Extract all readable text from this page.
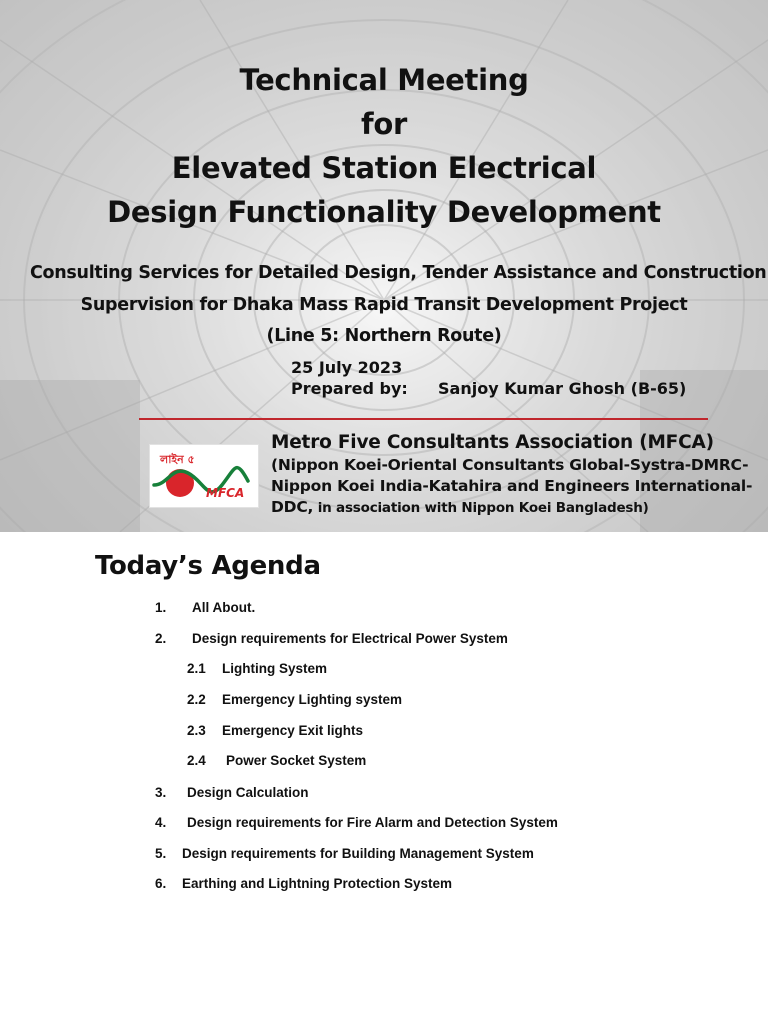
Technical Meeting
for
Elevated Station Electrical
Design Functionality Development
Consulting Services for Detailed Design, Tender Assistance and Construction
Supervision for Dhaka Mass Rapid Transit Development Project
(Line 5: Northern Route)
25 July 2023
Prepared by: Sanjoy Kumar Ghosh (B-65)
লাইন ৫
MFCA
Metro Five Consultants Association (MFCA)
(Nippon Koei-Oriental Consultants Global-Systra-DMRC-
Nippon Koei India-Katahira and Engineers International-
DDC, in association with Nippon Koei Bangladesh)
Today’s Agenda
1. All About.
2. Design requirements for Electrical Power System
2.1 Lighting System
2.2 Emergency Lighting system
2.3 Emergency Exit lights
2.4 Power Socket System
3. Design Calculation
4. Design requirements for Fire Alarm and Detection System
5. Design requirements for Building Management System
6. Earthing and Lightning Protection System
